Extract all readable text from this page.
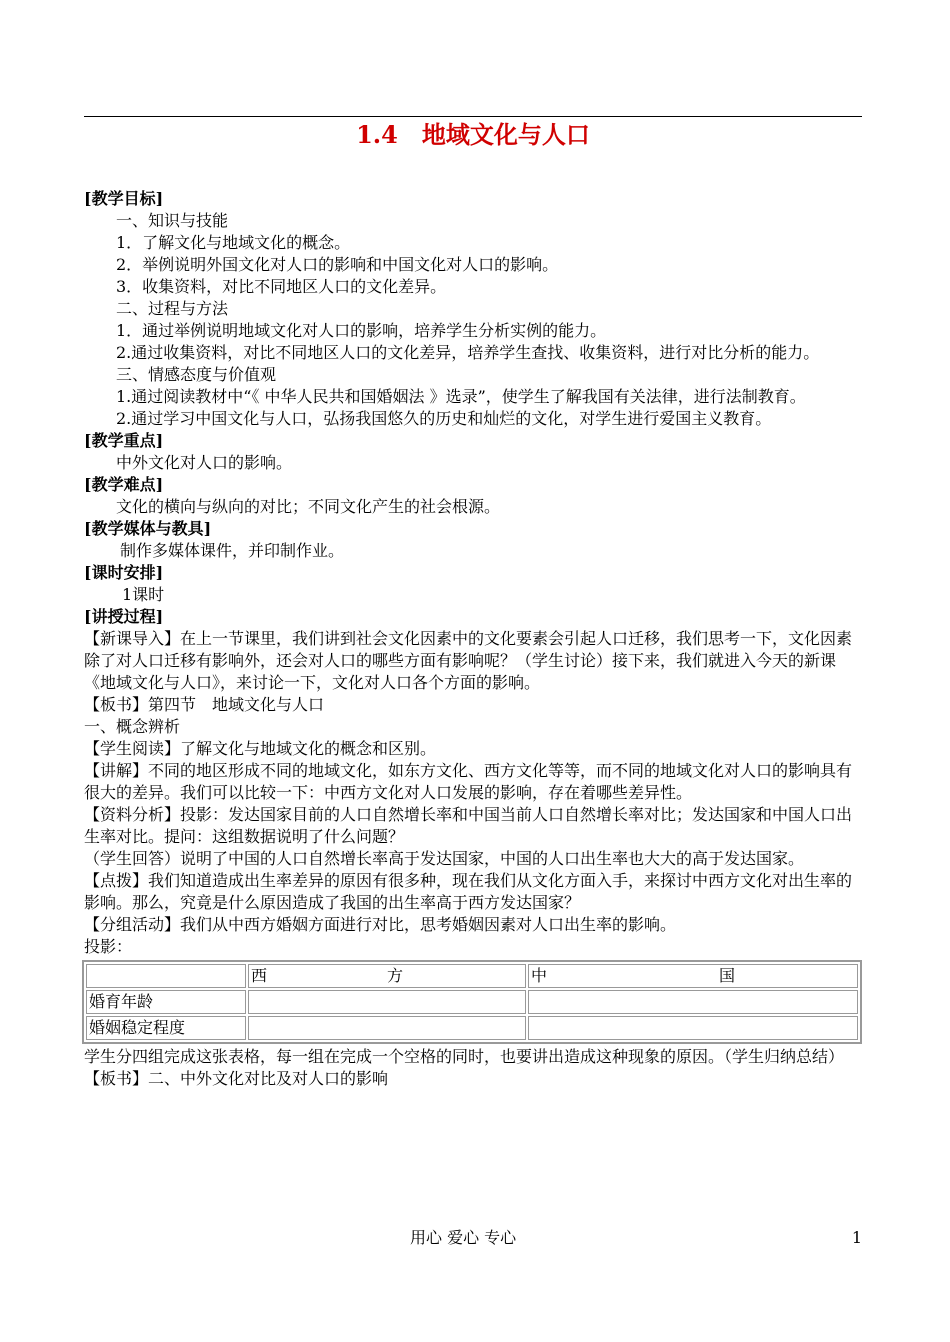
1.4　地域文化与人口

[教学目标]

一、知识与技能

1．了解文化与地域文化的概念。

2．举例说明外国文化对人口的影响和中国文化对人口的影响。

3．收集资料，对比不同地区人口的文化差异。

二、过程与方法

1．通过举例说明地域文化对人口的影响，培养学生分析实例的能力。

2.通过收集资料，对比不同地区人口的文化差异，培养学生查找、收集资料，进行对比分析的能力。

三、情感态度与价值观

1.通过阅读教材中“《 中华人民共和国婚姻法 》选录”，使学生了解我国有关法律，进行法制教育。

2.通过学习中国文化与人口，弘扬我国悠久的历史和灿烂的文化，对学生进行爱国主义教育。

[教学重点]

中外文化对人口的影响。

[教学难点]

文化的横向与纵向的对比；不同文化产生的社会根源。

[教学媒体与教具]

制作多媒体课件，并印制作业。

[课时安排]

1课时

[讲授过程]

【新课导入】在上一节课里，我们讲到社会文化因素中的文化要素会引起人口迁移，我们思考一下，文化因素除了对人口迁移有影响外，还会对人口的哪些方面有影响呢？（学生讨论）接下来，我们就进入今天的新课《地域文化与人口》，来讨论一下，文化对人口各个方面的影响。

【板书】第四节　地域文化与人口

一、概念辨析

【学生阅读】了解文化与地域文化的概念和区别。

【讲解】不同的地区形成不同的地域文化，如东方文化、西方文化等等，而不同的地域文化对人口的影响具有很大的差异。我们可以比较一下：中西方文化对人口发展的影响，存在着哪些差异性。

【资料分析】投影：发达国家目前的人口自然增长率和中国当前人口自然增长率对比；发达国家和中国人口出生率对比。提问：这组数据说明了什么问题？

（学生回答）说明了中国的人口自然增长率高于发达国家，中国的人口出生率也大大的高于发达国家。

【点拨】我们知道造成出生率差异的原因有很多种，现在我们从文化方面入手，来探讨中西方文化对出生率的影响。那么，究竟是什么原因造成了我国的出生率高于西方发达国家？

【分组活动】我们从中西方婚姻方面进行对比，思考婚姻因素对人口出生率的影响。

投影：

	西 方	中 国

婚育年龄		
婚姻稳定程度		

学生分四组完成这张表格，每一组在完成一个空格的同时，也要讲出造成这种现象的原因。（学生归纳总结）

【板书】二、中外文化对比及对人口的影响

用心 爱心 专心	1
